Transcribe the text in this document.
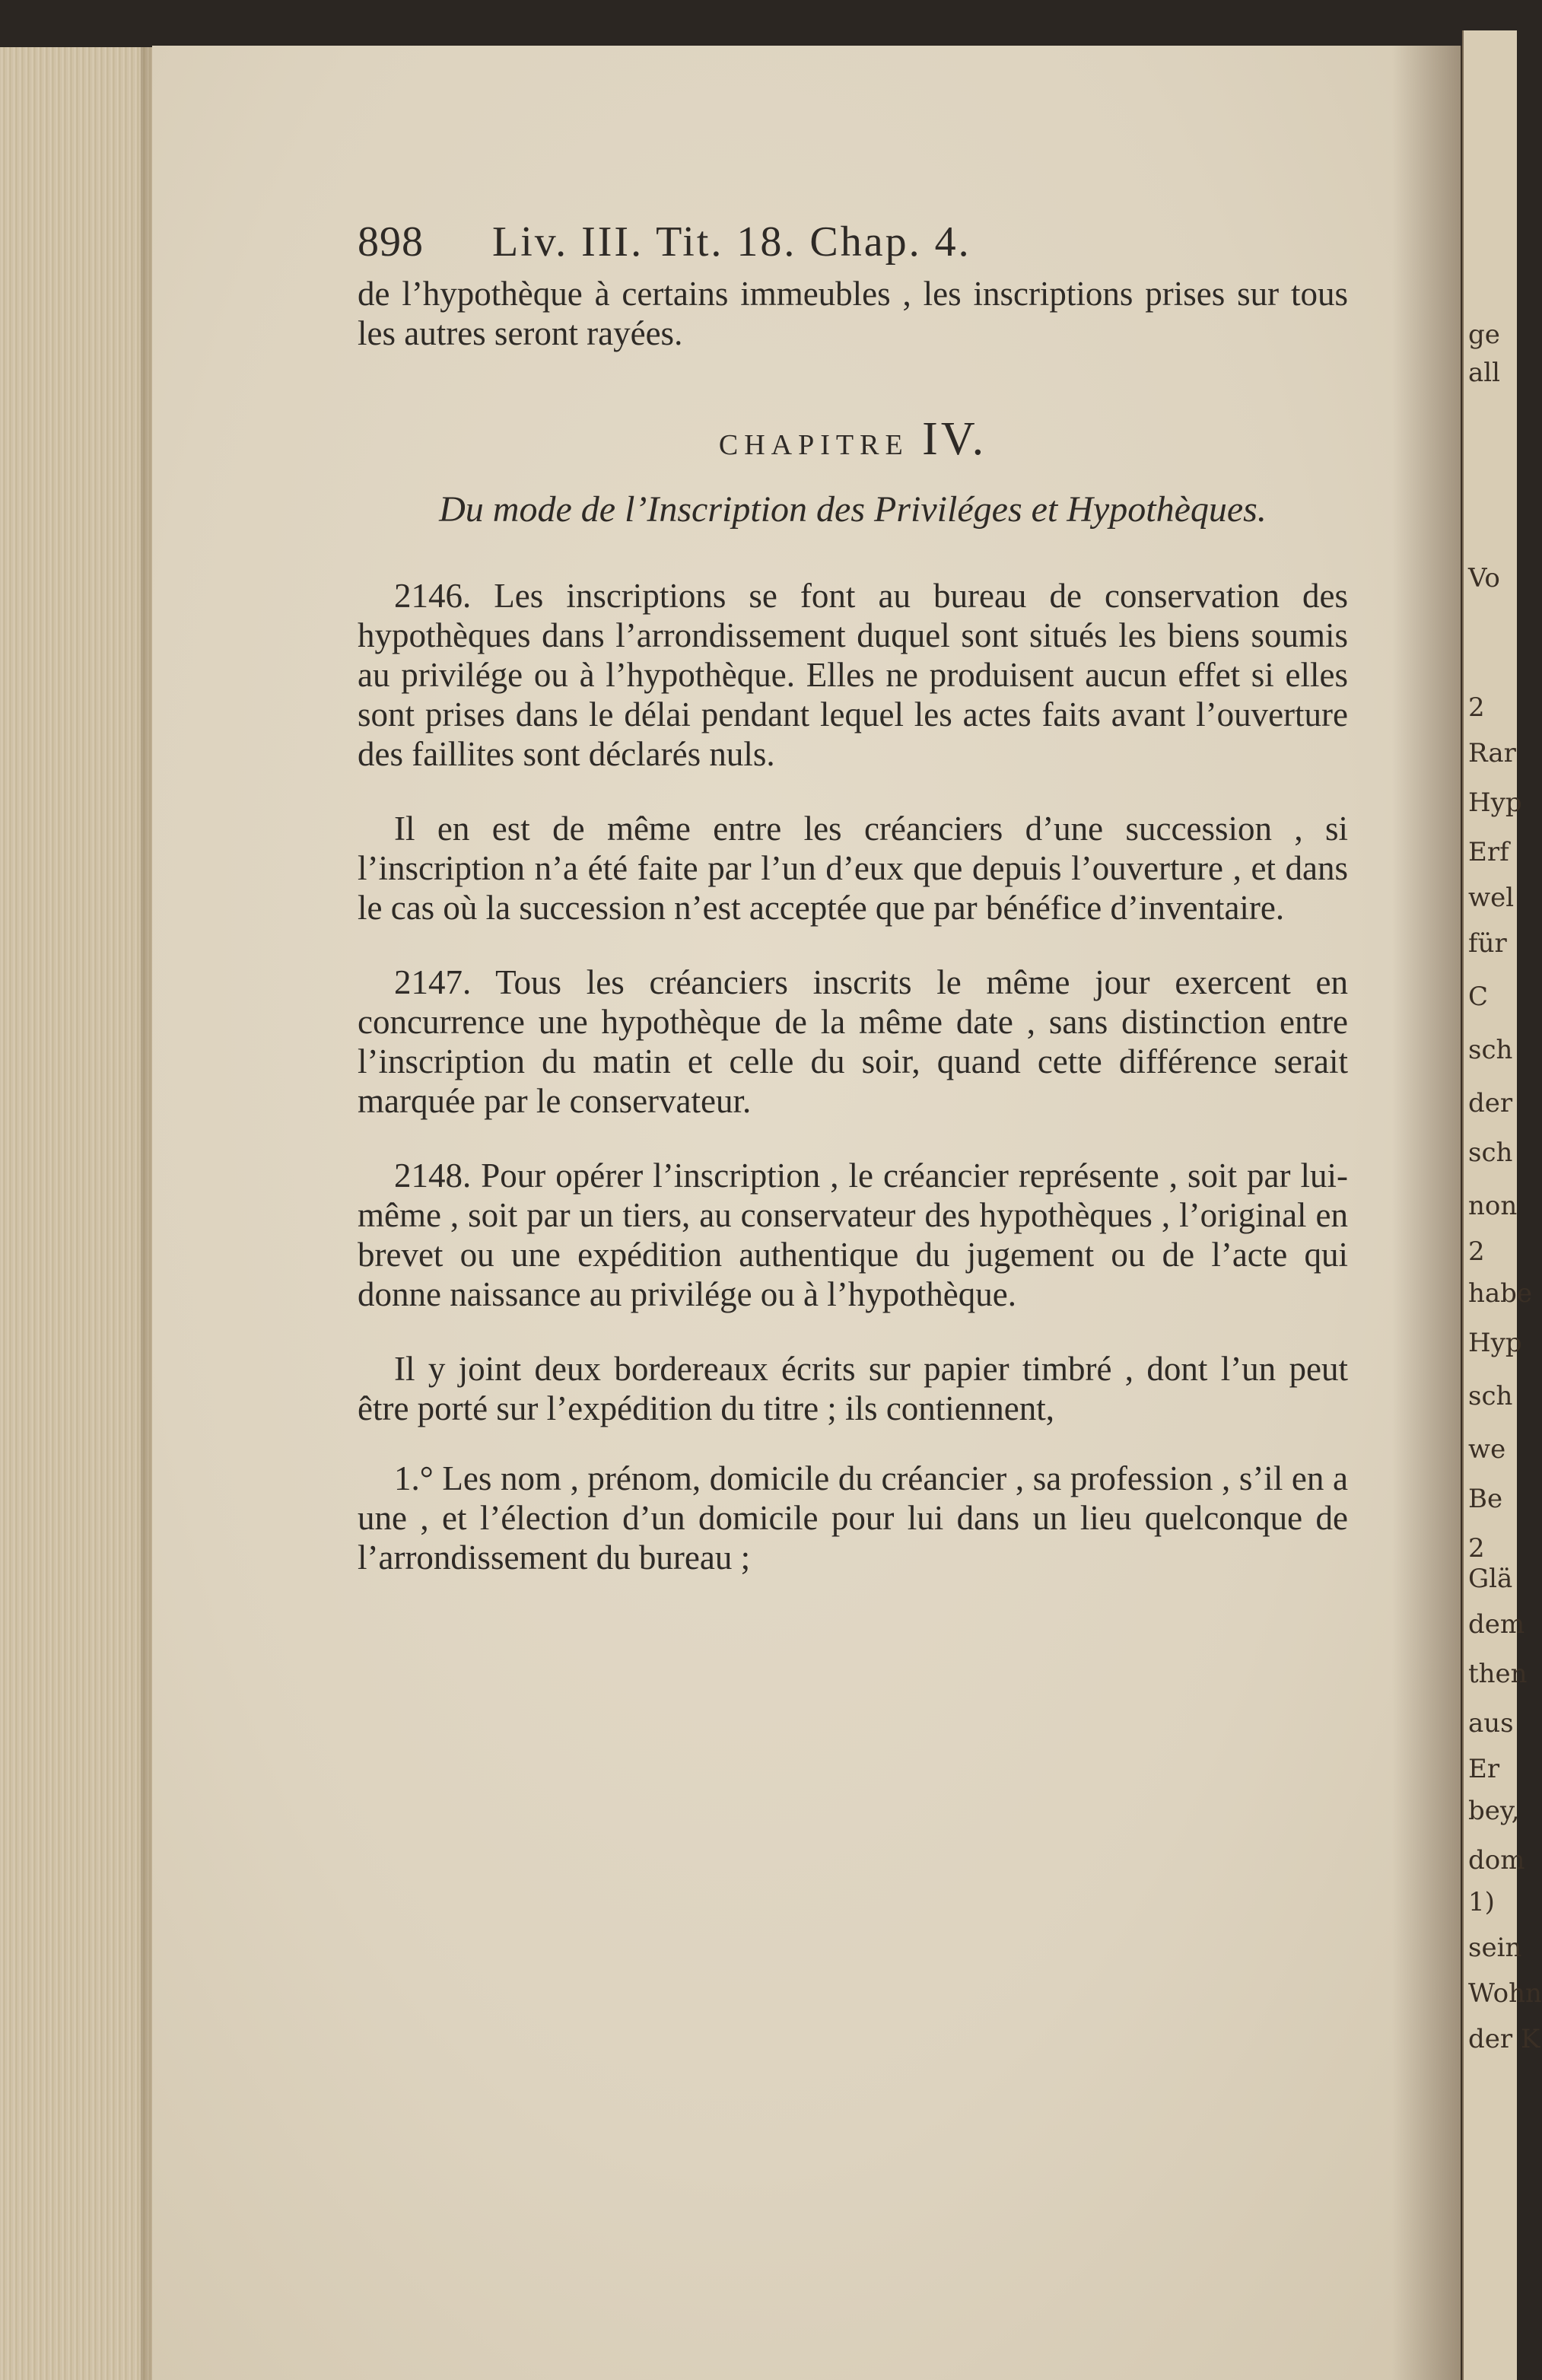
ge
all
Vo
2
Rar
Hyp
Erf
wel
für
C
sch
der
sch
non
2
habe
Hyp
sch
we
Be
2
Glä
dem
then
aus
Er
bey,
dom
1)
sein
Wohn
der K
898 Liv. III. Tit. 18. Chap. 4.

de l’hypothèque à certains immeubles , les inscriptions prises sur tous les autres seront rayées.

CHAPITRE IV.
Du mode de l’Inscription des Priviléges et Hypothèques.

2146. Les inscriptions se font au bureau de conservation des hypothèques dans l’arrondissement duquel sont situés les biens soumis au privilége ou à l’hypothèque. Elles ne produisent aucun effet si elles sont prises dans le délai pendant lequel les actes faits avant l’ouverture des faillites sont déclarés nuls.

Il en est de même entre les créanciers d’une succession , si l’inscription n’a été faite par l’un d’eux que depuis l’ouverture , et dans le cas où la succession n’est acceptée que par bénéfice d’inventaire.

2147. Tous les créanciers inscrits le même jour exercent en concurrence une hypothèque de la même date , sans distinction entre l’inscription du matin et celle du soir, quand cette différence serait marquée par le conservateur.

2148. Pour opérer l’inscription , le créancier représente , soit par lui-même , soit par un tiers, au conservateur des hypothèques , l’original en brevet ou une expédition authentique du jugement ou de l’acte qui donne naissance au privilége ou à l’hypothèque.

Il y joint deux bordereaux écrits sur papier timbré , dont l’un peut être porté sur l’expédition du titre ; ils contiennent,

1.° Les nom , prénom, domicile du créancier , sa profession , s’il en a une , et l’élection d’un domicile pour lui dans un lieu quelconque de l’arrondissement du bureau ;
